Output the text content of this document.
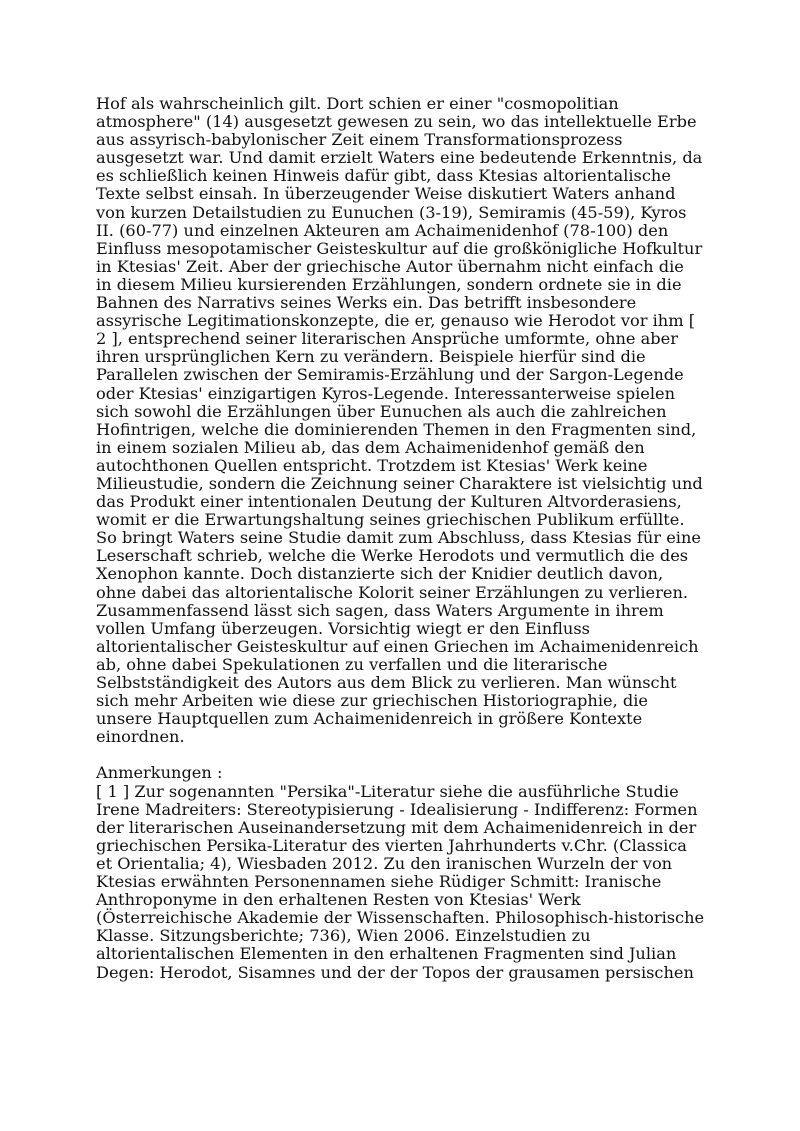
Hof als wahrscheinlich gilt. Dort schien er einer "cosmopolitian
atmosphere" (14) ausgesetzt gewesen zu sein, wo das intellektuelle Erbe
aus assyrisch-babylonischer Zeit einem Transformationsprozess
ausgesetzt war. Und damit erzielt Waters eine bedeutende Erkenntnis, da
es schließlich keinen Hinweis dafür gibt, dass Ktesias altorientalische
Texte selbst einsah. In überzeugender Weise diskutiert Waters anhand
von kurzen Detailstudien zu Eunuchen (3-19), Semiramis (45-59), Kyros
II. (60-77) und einzelnen Akteuren am Achaimenidenhof (78-100) den
Einfluss mesopotamischer Geisteskultur auf die großkönigliche Hofkultur
in Ktesias' Zeit. Aber der griechische Autor übernahm nicht einfach die
in diesem Milieu kursierenden Erzählungen, sondern ordnete sie in die
Bahnen des Narrativs seines Werks ein. Das betrifft insbesondere
assyrische Legitimationskonzepte, die er, genauso wie Herodot vor ihm [
2 ], entsprechend seiner literarischen Ansprüche umformte, ohne aber
ihren ursprünglichen Kern zu verändern. Beispiele hierfür sind die
Parallelen zwischen der Semiramis-Erzählung und der Sargon-Legende
oder Ktesias' einzigartigen Kyros-Legende. Interessanterweise spielen
sich sowohl die Erzählungen über Eunuchen als auch die zahlreichen
Hofintrigen, welche die dominierenden Themen in den Fragmenten sind,
in einem sozialen Milieu ab, das dem Achaimenidenhof gemäß den
autochthonen Quellen entspricht. Trotzdem ist Ktesias' Werk keine
Milieustudie, sondern die Zeichnung seiner Charaktere ist vielsichtig und
das Produkt einer intentionalen Deutung der Kulturen Altvorderasiens,
womit er die Erwartungshaltung seines griechischen Publikum erfüllte.
So bringt Waters seine Studie damit zum Abschluss, dass Ktesias für eine
Leserschaft schrieb, welche die Werke Herodots und vermutlich die des
Xenophon kannte. Doch distanzierte sich der Knidier deutlich davon,
ohne dabei das altorientalische Kolorit seiner Erzählungen zu verlieren.
Zusammenfassend lässt sich sagen, dass Waters Argumente in ihrem
vollen Umfang überzeugen. Vorsichtig wiegt er den Einfluss
altorientalischer Geisteskultur auf einen Griechen im Achaimenidenreich
ab, ohne dabei Spekulationen zu verfallen und die literarische
Selbstständigkeit des Autors aus dem Blick zu verlieren. Man wünscht
sich mehr Arbeiten wie diese zur griechischen Historiographie, die
unsere Hauptquellen zum Achaimenidenreich in größere Kontexte
einordnen.
Anmerkungen :
[ 1 ] Zur sogenannten "Persika"-Literatur siehe die ausführliche Studie
Irene Madreiters: Stereotypisierung - Idealisierung - Indifferenz: Formen
der literarischen Auseinandersetzung mit dem Achaimenidenreich in der
griechischen Persika-Literatur des vierten Jahrhunderts v.Chr. (Classica
et Orientalia; 4), Wiesbaden 2012. Zu den iranischen Wurzeln der von
Ktesias erwähnten Personennamen siehe Rüdiger Schmitt: Iranische
Anthroponyme in den erhaltenen Resten von Ktesias' Werk
(Österreichische Akademie der Wissenschaften. Philosophisch-historische
Klasse. Sitzungsberichte; 736), Wien 2006. Einzelstudien zu
altorientalischen Elementen in den erhaltenen Fragmenten sind Julian
Degen: Herodot, Sisamnes und der der Topos der grausamen persischen
